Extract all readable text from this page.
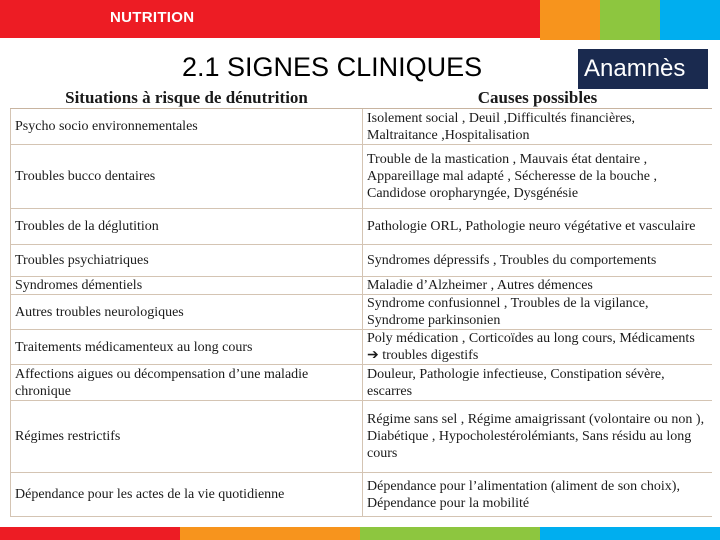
NUTRITION
2.1 SIGNES CLINIQUES	Anamnès
Situations à risque de dénutrition	Causes possibles
Psycho socio environnementales	Isolement social , Deuil ,Difficultés financières, Maltraitance ,Hospitalisation
Troubles bucco dentaires	Trouble de la mastication , Mauvais état dentaire , Appareillage mal adapté , Sécheresse de la bouche , Candidose oropharyngée, Dysgénésie
Troubles de la déglutition	Pathologie ORL, Pathologie neuro végétative et vasculaire
Troubles psychiatriques	Syndromes dépressifs , Troubles du comportements
Syndromes démentiels	Maladie d’Alzheimer , Autres démences
Autres troubles neurologiques	Syndrome confusionnel , Troubles de la vigilance, Syndrome parkinsonien
Traitements médicamenteux au long cours	Poly médication , Corticoïdes au long cours, Médicaments ➔ troubles digestifs
Affections aigues ou décompensation d’une maladie chronique	Douleur, Pathologie infectieuse, Constipation sévère, escarres
Régimes restrictifs	Régime sans sel , Régime amaigrissant (volontaire ou non ), Diabétique , Hypocholestérolémiants, Sans résidu au long cours
Dépendance pour les actes de la vie quotidienne	Dépendance pour l’alimentation (aliment de son choix), Dépendance pour la mobilité
